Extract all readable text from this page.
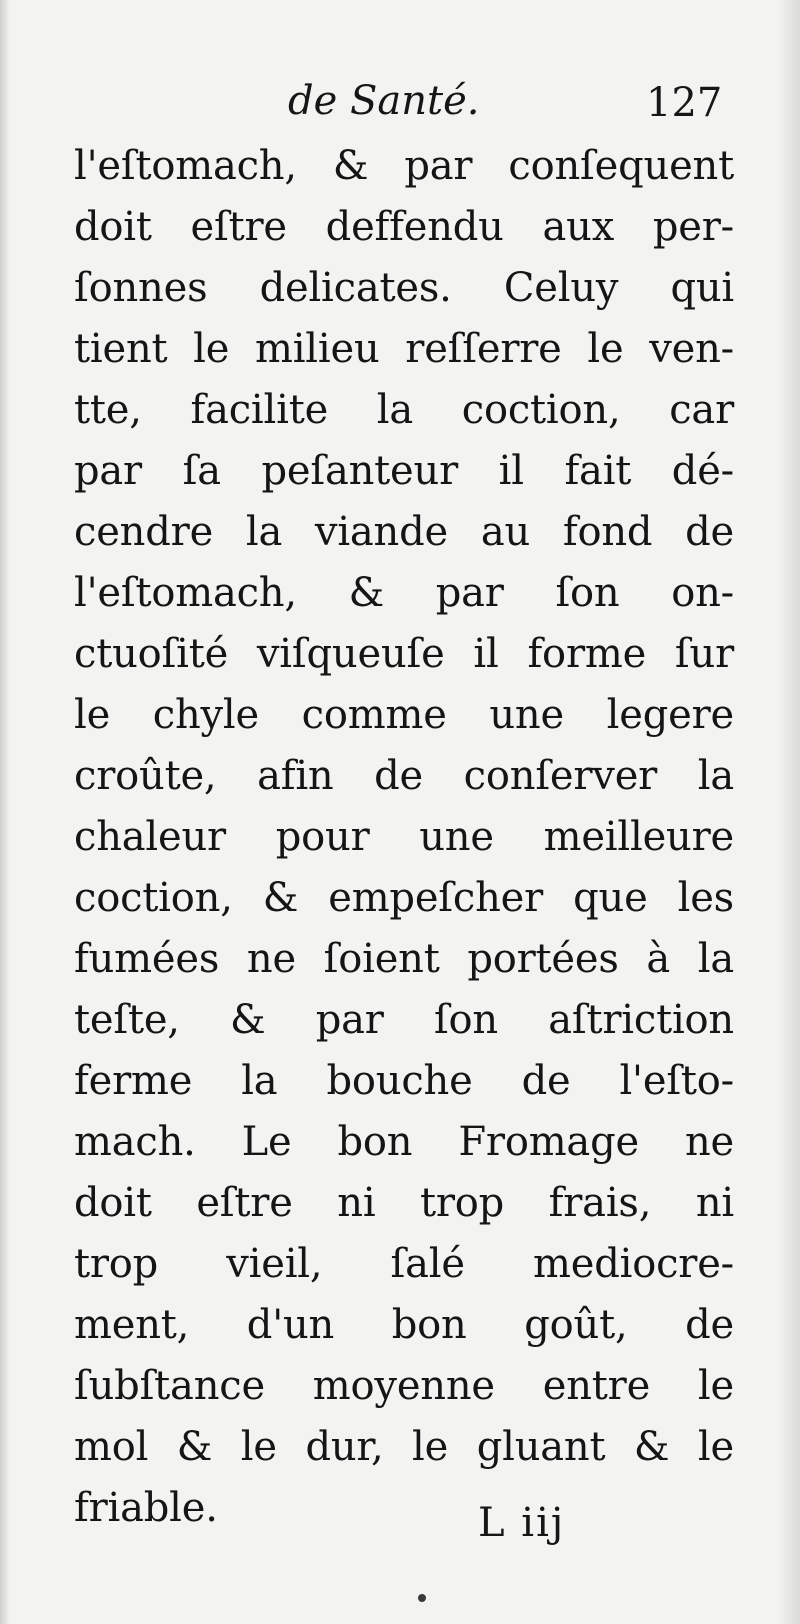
de Santé.	127
l'eſtomach, & par conſequent
doit eſtre deffendu aux per-
ſonnes delicates. Celuy qui
tient le milieu reſſerre le ven-
tte, facilite la coction, car
par ſa peſanteur il fait dé-
cendre la viande au fond de
l'eſtomach, & par ſon on-
ctuoſité viſqueuſe il forme ſur
le chyle comme une legere
croûte, afin de conſerver la
chaleur pour une meilleure
coction, & empeſcher que les
fumées ne ſoient portées à la
teſte, & par ſon aſtriction
ferme la bouche de l'eſto-
mach. Le bon Fromage ne
doit eſtre ni trop frais, ni
trop vieil, ſalé mediocre-
ment, d'un bon goût, de
ſubſtance moyenne entre le
mol & le dur, le gluant & le
friable.	L iij
